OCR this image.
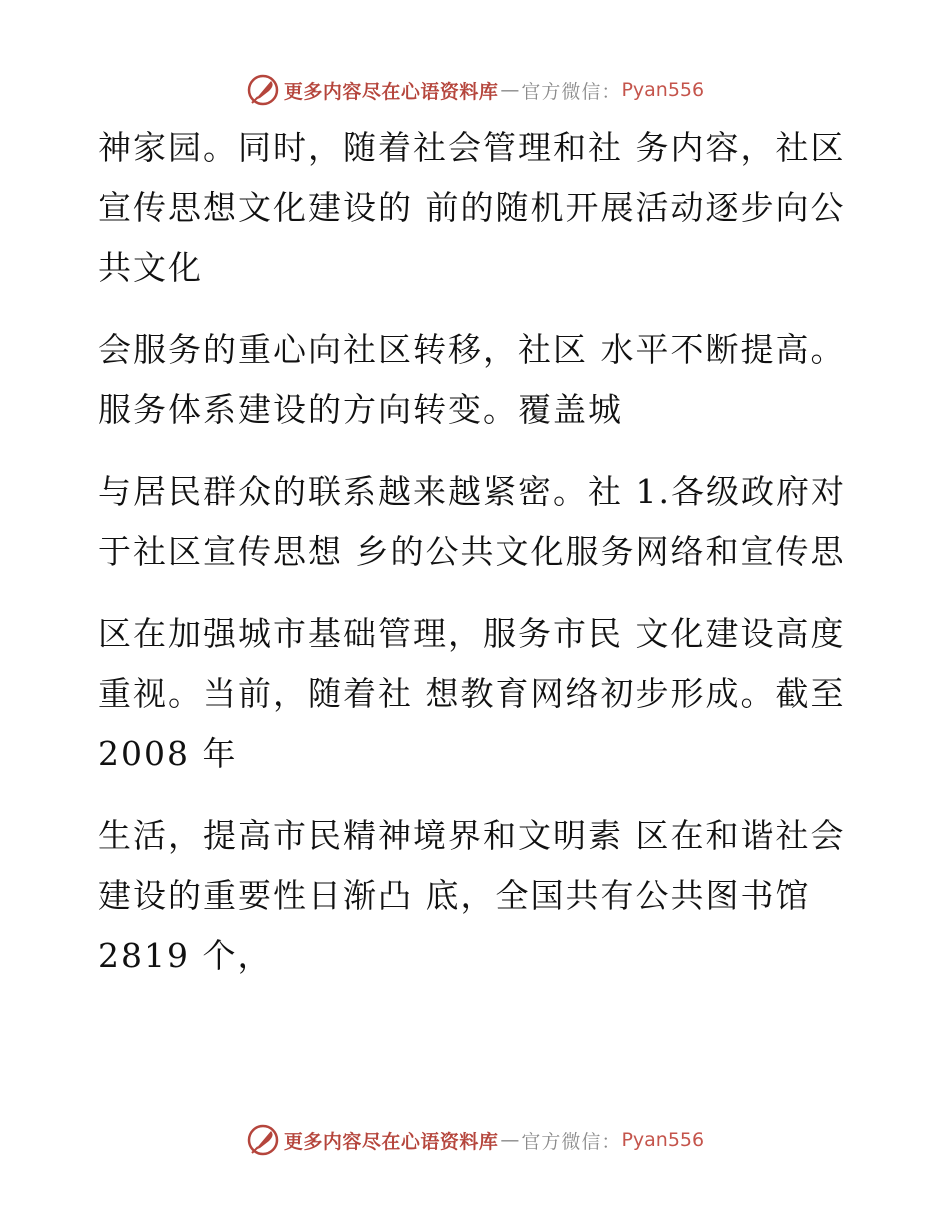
更多内容尽在心语资料库 — 官方微信： Pyan556
神家园。同时，随着社会管理和社 务内容，社区
宣传思想文化建设的 前的随机开展活动逐步向公
共文化
会服务的重心向社区转移，社区 水平不断提高。
服务体系建设的方向转变。覆盖城
与居民群众的联系越来越紧密。社 1.各级政府对
于社区宣传思想 乡的公共文化服务网络和宣传思
区在加强城市基础管理，服务市民 文化建设高度
重视。当前，随着社 想教育网络初步形成。截至
2008 年
生活，提高市民精神境界和文明素 区在和谐社会
建设的重要性日渐凸 底，全国共有公共图书馆
2819 个，
更多内容尽在心语资料库 — 官方微信： Pyan556
